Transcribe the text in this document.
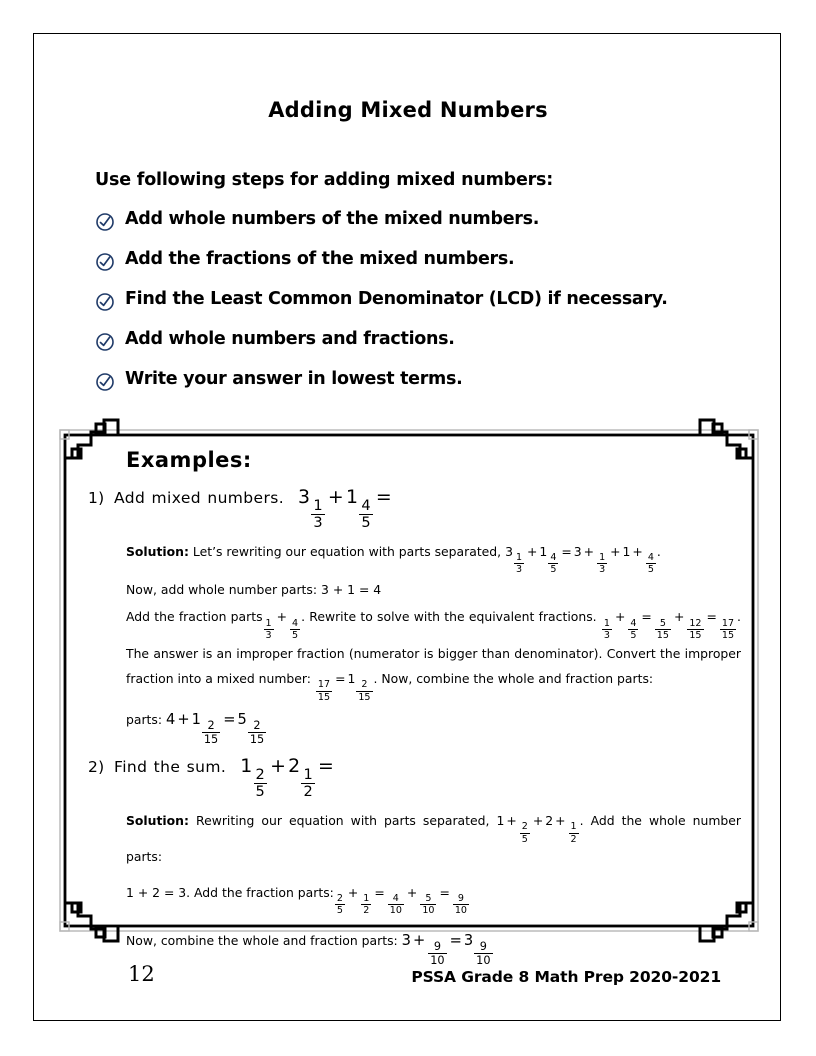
Adding Mixed Numbers
Use following steps for adding mixed numbers:
Add whole numbers of the mixed numbers.
Add the fractions of the mixed numbers.
Find the Least Common Denominator (LCD) if necessary.
Add whole numbers and fractions.
Write your answer in lowest terms.
Examples:
1) Add mixed numbers. 3
$\frac{1}{3}$
+ 1
$\frac{4}{5}$
=

Solution: Let’s rewriting our equation with parts separated, 3
$\frac{1}{3}$
+ 1
$\frac{4}{5}$
= 3 +
$\frac{1}{3}$
+ 1 +
$\frac{4}{5}$
.

Now, add whole number parts: 3 + 1 = 4

Add the fraction parts
$\frac{1}{3}$
+
$\frac{4}{5}$
. Rewrite to solve with the equivalent fractions.
$\frac{1}{3}$
+
$\frac{4}{5}$
=
$\frac{5}{15}$
+
$\frac{12}{15}$
=
$\frac{17}{15}$
. The answer is an improper fraction (numerator is bigger than denominator). Convert the improper fraction into a mixed number:
$\frac{17}{15}$
= 1
$\frac{2}{15}$
. Now, combine the whole and fraction parts:

parts: 4 + 1
$\frac{2}{15}$
= 5
$\frac{2}{15}$

2) Find the sum. 1
$\frac{2}{5}$
+ 2
$\frac{1}{2}$
=

Solution: Rewriting our equation with parts separated, 1 +
$\frac{2}{5}$
+ 2 +
$\frac{1}{2}$
. Add the whole number parts:

1 + 2 = 3. Add the fraction parts:
$\frac{2}{5}$
+
$\frac{1}{2}$
=
$\frac{4}{10}$
+
$\frac{5}{10}$
=
$\frac{9}{10}$

Now, combine the whole and fraction parts: 3 +
$\frac{9}{10}$
= 3
$\frac{9}{10}$

12	PSSA Grade 8 Math Prep 2020-2021
